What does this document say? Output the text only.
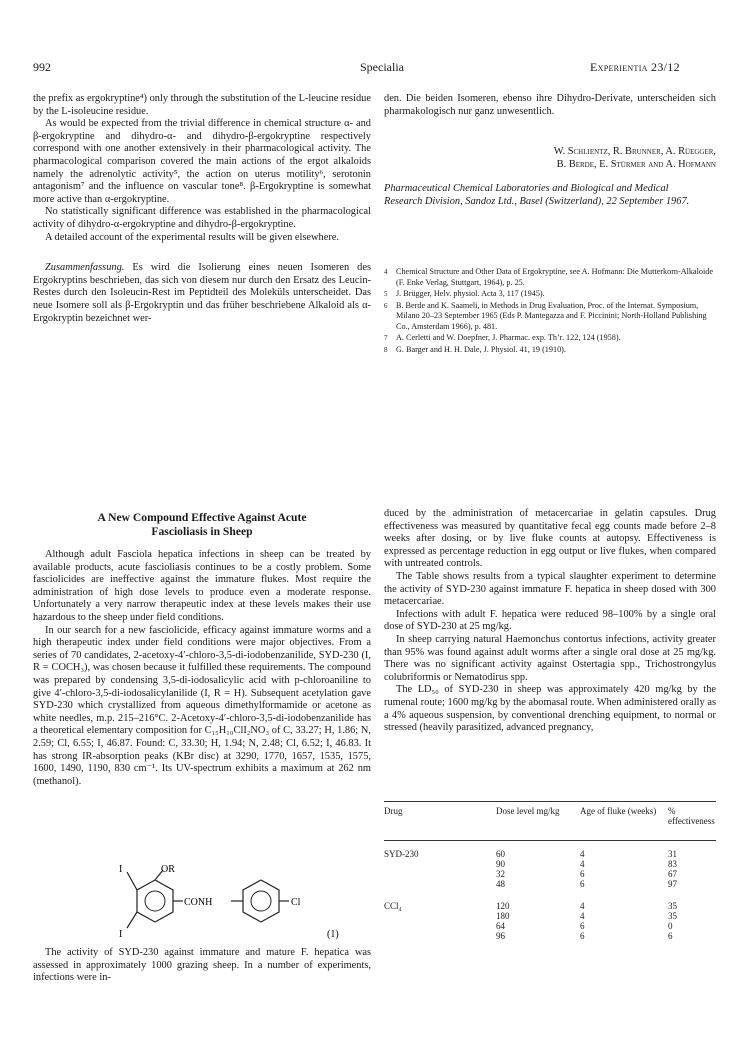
992	Specialia	Experientia 23/12

the prefix as ergokryptine⁴) only through the substitution of the L-leucine residue by the L-isoleucine residue.

As would be expected from the trivial difference in chemical structure α- and β-ergokryptine and dihydro-α- and dihydro-β-ergokryptine respectively correspond with one another extensively in their pharmacological activity. The pharmacological comparison covered the main actions of the ergot alkaloids namely the adrenolytic activity⁵, the action on uterus motility⁶, serotonin antagonism⁷ and the influence on vascular tone⁸. β-Ergokryptine is somewhat more active than α-ergokryptine.

No statistically significant difference was established in the pharmacological activity of dihydro-α-ergokryptine and dihydro-β-ergokryptine.

A detailed account of the experimental results will be given elsewhere.

Zusammenfassung. Es wird die Isolierung eines neuen Isomeren des Ergokryptins beschrieben, das sich von diesem nur durch den Ersatz des Leucin-Restes durch den Isoleucin-Rest im Peptidteil des Moleküls unterscheidet. Das neue Isomere soll als β-Ergokryptin und das früher beschriebene Alkaloid als α-Ergokryptin bezeichnet wer-

den. Die beiden Isomeren, ebenso ihre Dihydro-Derivate, unterscheiden sich pharmakologisch nur ganz unwesentlich.

W. Schlientz, R. Brunner, A. Rüegger,
B. Berde, E. Stürmer and A. Hofmann
Pharmaceutical Chemical Laboratories and Biological and Medical Research Division, Sandoz Ltd., Basel (Switzerland), 22 September 1967.
4 Chemical Structure and Other Data of Ergokryptine, see A. Hofmann: Die Mutterkorn-Alkaloide (F. Enke Verlag, Stuttgart, 1964), p. 25.
5 J. Brügger, Helv. physiol. Acta 3, 117 (1945).
6 B. Berde and K. Saameli, in Methods in Drug Evaluation, Proc. of the Internat. Symposium, Milano 20–23 September 1965 (Eds P. Mantegazza and F. Piccinini; North-Holland Publishing Co., Amsterdam 1966), p. 481.
7 A. Cerletti and W. Doepfner, J. Pharmac. exp. Th’r. 122, 124 (1958).
8 G. Barger and H. H. Dale, J. Physiol. 41, 19 (1910).
A New Compound Effective Against Acute
Fascioliasis in Sheep

Although adult Fasciola hepatica infections in sheep can be treated by available products, acute fascioliasis continues to be a costly problem. Some fasciolicides are ineffective against the immature flukes. Most require the administration of high dose levels to produce even a moderate response. Unfortunately a very narrow therapeutic index at these levels makes their use hazardous to the sheep under field conditions.

In our search for a new fasciolicide, efficacy against immature worms and a high therapeutic index under field conditions were major objectives. From a series of 70 candidates, 2-acetoxy-4′-chloro-3,5-di-iodobenzanilide, SYD-230 (I, R = COCH₃), was chosen because it fulfilled these requirements. The compound was prepared by condensing 3,5-di-iodosalicylic acid with p-chloroaniline to give 4′-chloro-3,5-di-iodosalicylanilide (I, R = H). Subsequent acetylation gave SYD-230 which crystallized from aqueous dimethylformamide or acetone as white needles, m.p. 215–216°C. 2-Acetoxy-4′-chloro-3,5-di-iodobenzanilide has a theoretical elementary composition for C₁₅H₁₀ClI₂NO₃ of C, 33.27; H, 1.86; N, 2.59; Cl, 6.55; I, 46.87. Found: C, 33.30; H, 1.94; N, 2.48; Cl, 6.52; I, 46.83. It has strong IR-absorption peaks (KBr disc) at 3290, 1770, 1657, 1535, 1575, 1600, 1490, 1190, 830 cm⁻¹. Its UV-spectrum exhibits a maximum at 262 nm (methanol).

I	OR
CONH	Cl
I	(1)

The activity of SYD-230 against immature and mature F. hepatica was assessed in approximately 1000 grazing sheep. In a number of experiments, infections were in-

duced by the administration of metacercariae in gelatin capsules. Drug effectiveness was measured by quantitative fecal egg counts made before 2–8 weeks after dosing, or by live fluke counts at autopsy. Effectiveness is expressed as percentage reduction in egg output or live flukes, when compared with untreated controls.

The Table shows results from a typical slaughter experiment to determine the activity of SYD-230 against immature F. hepatica in sheep dosed with 300 metacercariae.

Infections with adult F. hepatica were reduced 98–100% by a single oral dose of SYD-230 at 25 mg/kg.

In sheep carrying natural Haemonchus contortus infections, activity greater than 95% was found against adult worms after a single oral dose at 25 mg/kg. There was no significant activity against Ostertagia spp., Trichostrongylus colubriformis or Nematodirus spp.

The LD₅₀ of SYD-230 in sheep was approximately 420 mg/kg by the rumenal route; 1600 mg/kg by the abomasal route. When administered orally as a 4% aqueous suspension, by conventional drenching equipment, to normal or stressed (heavily parasitized, advanced pregnancy,

Drug	Dose level mg/kg	Age of fluke (weeks)	% effectiveness
SYD-230	60	4	31
	90	4	83
	32	6	67
	48	6	97
CCl₄	120	4	35
	180	4	35
	64	6	0
	96	6	6
